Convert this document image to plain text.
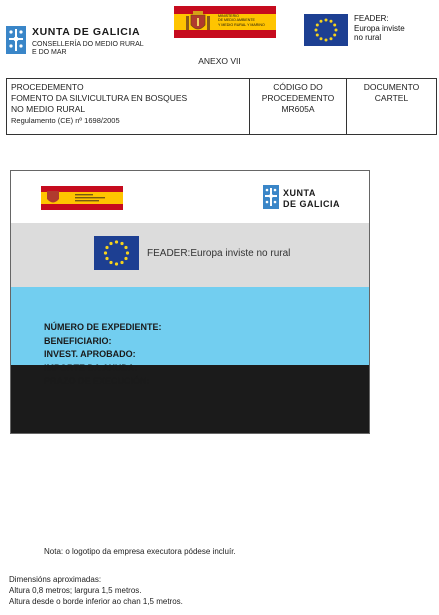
XUNTA DE GALICIA
CONSELLERÍA DO MEDIO RURAL
E DO MAR
MINISTERIO
DE MEDIO AMBIENTE
Y MEDIO RURAL Y MARINO
FEADER:
Europa inviste
no rural
ANEXO VII
PROCEDEMENTO
FOMENTO DA SILVICULTURA EN BOSQUES
NO MEDIO RURAL
Regulamento (CE) nº 1698/2005
CÓDIGO DO
PROCEDEMENTO
MR605A
DOCUMENTO
CARTEL
XUNTA
DE GALICIA
FEADER:Europa inviste no rural
NÚMERO DE EXPEDIENTE:
BENEFICIARIO:
INVEST. APROBADO:
IMPORTE DA AXUDA:
PRAZO DE EXECUCIÓN:
Nota: o logotipo da empresa executora pódese incluír.
Dimensións aproximadas:
Altura 0,8 metros; largura 1,5 metros.
Altura desde o borde inferior ao chan 1,5 metros.
